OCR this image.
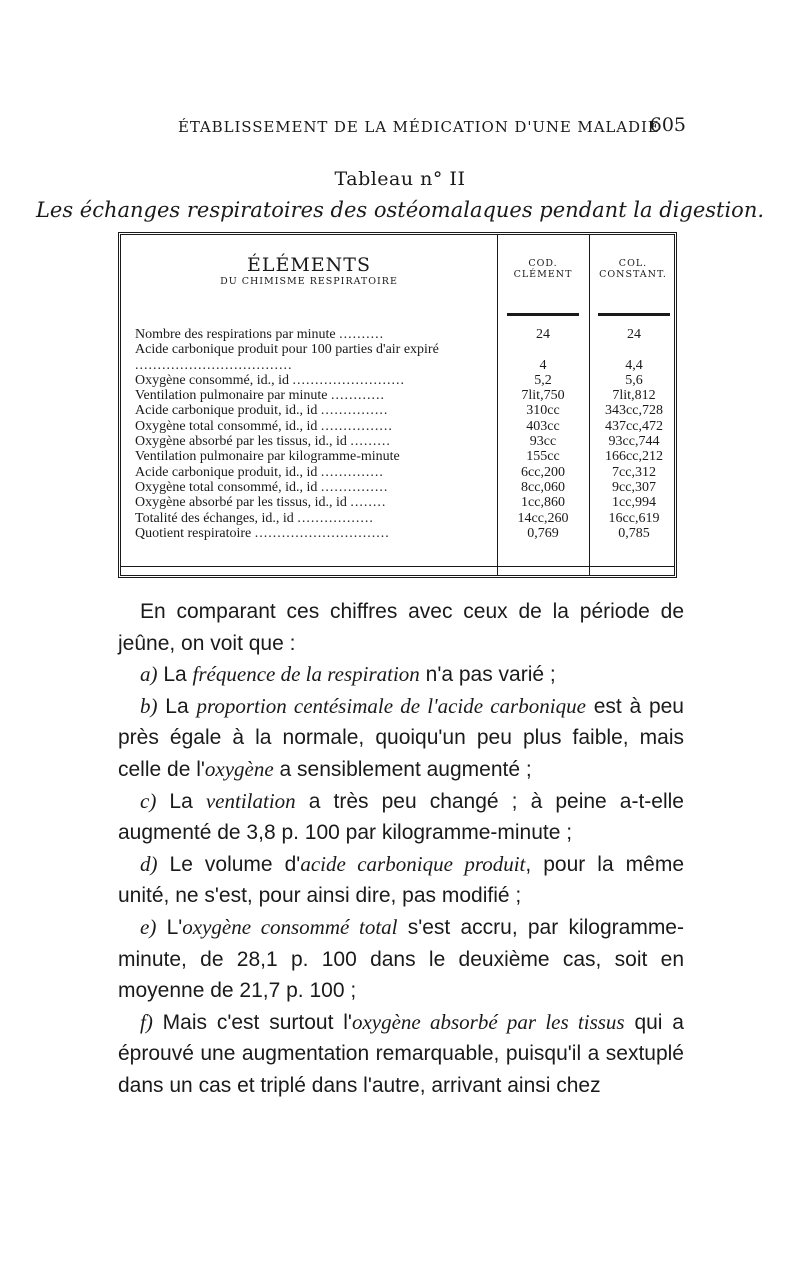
ÉTABLISSEMENT DE LA MÉDICATION D'UNE MALADIE
605
Tableau n° II
Les échanges respiratoires des ostéomalaques pendant la digestion.
ÉLÉMENTS
DU CHIMISME RESPIRATOIRE
COD.
CLÉMENT
COL.
CONSTANT.
Nombre des respirations par minute ..........	24	24
Acide carbonique produit pour 100 parties d'air expiré ...................................	4	4,4
Oxygène consommé, id., id .........................	5,2	5,6
Ventilation pulmonaire par minute ............	7lit,750	7lit,812
Acide carbonique produit, id., id ...............	310cc	343cc,728
Oxygène total consommé, id., id ................	403cc	437cc,472
Oxygène absorbé par les tissus, id., id .........	93cc	93cc,744
Ventilation pulmonaire par kilogramme-minute	155cc	166cc,212
Acide carbonique produit, id., id ..............	6cc,200	7cc,312
Oxygène total consommé, id., id ...............	8cc,060	9cc,307
Oxygène absorbé par les tissus, id., id ........	1cc,860	1cc,994
Totalité des échanges, id., id .................	14cc,260	16cc,619
Quotient respiratoire ..............................	0,769	0,785

En comparant ces chiffres avec ceux de la période de jeûne, on voit que :

a) La fréquence de la respiration n'a pas varié ;

b) La proportion centésimale de l'acide carbonique est à peu près égale à la normale, quoiqu'un peu plus faible, mais celle de l'oxygène a sensiblement augmenté ;

c) La ventilation a très peu changé ; à peine a-t-elle augmenté de 3,8 p. 100 par kilogramme-minute ;

d) Le volume d'acide carbonique produit, pour la même unité, ne s'est, pour ainsi dire, pas modifié ;

e) L'oxygène consommé total s'est accru, par kilogramme-minute, de 28,1 p. 100 dans le deuxième cas, soit en moyenne de 21,7 p. 100 ;

f) Mais c'est surtout l'oxygène absorbé par les tissus qui a éprouvé une augmentation remarquable, puisqu'il a sextuplé dans un cas et triplé dans l'autre, arrivant ainsi chez
